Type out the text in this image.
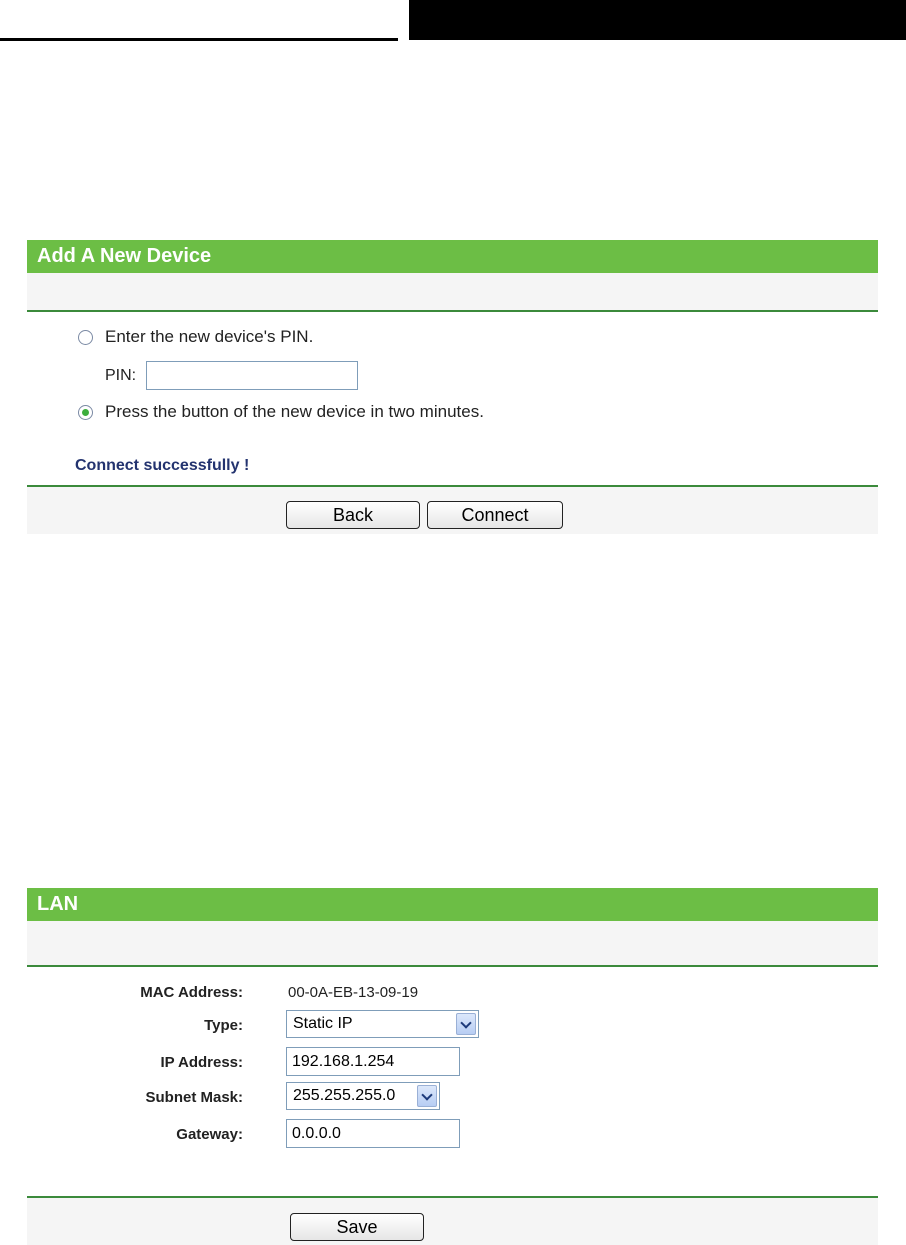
Add A New Device
Enter the new device's PIN.
PIN:
Press the button of the new device in two minutes.
Connect successfully !
Back	Connect
LAN
MAC Address:	00-0A-EB-13-09-19
Type:	Static IP
IP Address:
192.168.1.254
Subnet Mask:	255.255.255.0
Gateway:
0.0.0.0
Save
